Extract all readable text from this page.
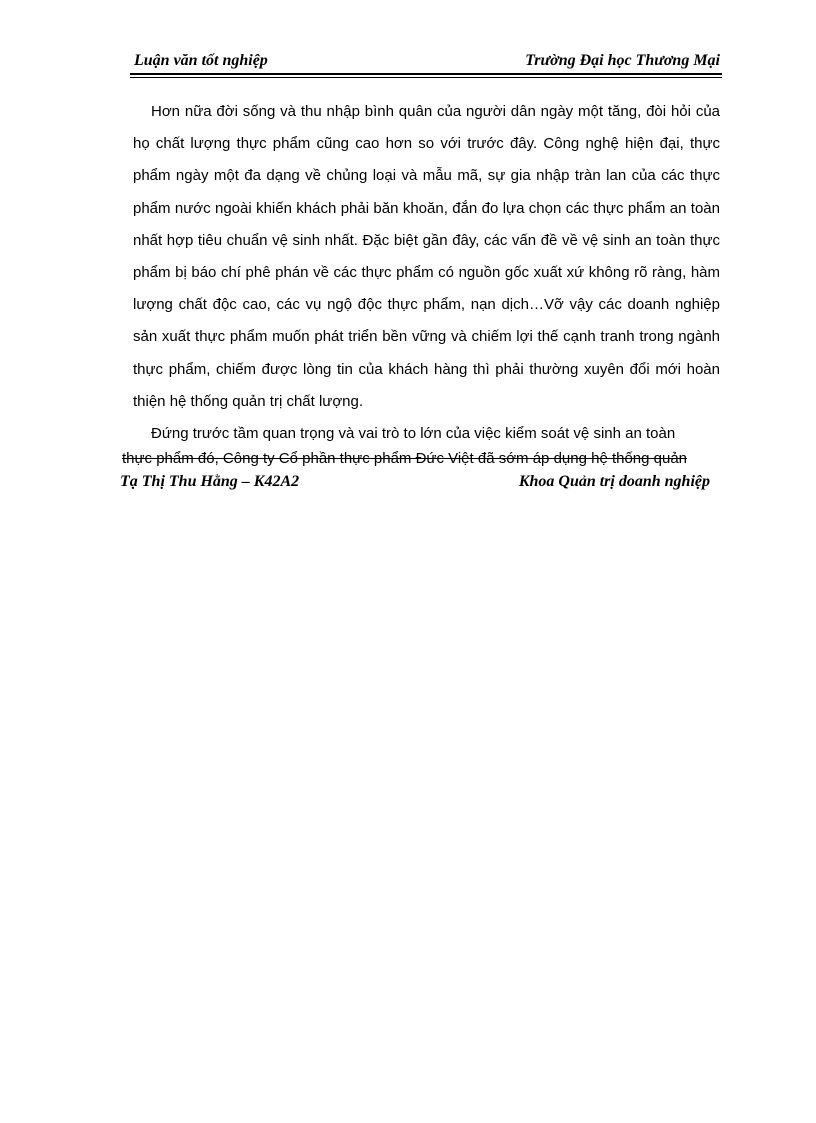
Luận văn tốt nghiệp	Trường Đại học Thương Mại

Hơn nữa đời sống và thu nhập bình quân của người dân ngày một tăng, đòi hỏi của họ chất lượng thực phẩm cũng cao hơn so với trước đây. Công nghệ hiện đại, thực phẩm ngày một đa dạng về chủng loại và mẫu mã, sự gia nhập tràn lan của các thực phẩm nước ngoài khiến khách phải băn khoăn, đắn đo lựa chọn các thực phẩm an toàn nhất hợp tiêu chuẩn vệ sinh nhất. Đặc biệt gần đây, các vấn đề về vệ sinh an toàn thực phẩm bị báo chí phê phán về các thực phẩm có nguồn gốc xuất xứ không rõ ràng, hàm lượng chất độc cao, các vụ ngộ độc thực phẩm, nạn dịch…Vỡ vậy các doanh nghiệp sản xuất thực phẩm muốn phát triển bền vững và chiếm lợi thế cạnh tranh trong ngành thực phẩm, chiếm được lòng tin của khách hàng thì phải thường xuyên đổi mới hoàn thiện hệ thống quản trị chất lượng.

Đứng trước tầm quan trọng và vai trò to lớn của việc kiểm soát vệ sinh an toàn

thực phẩm đó, Công ty Cổ phần thực phẩm Đức Việt đã sớm áp dụng hệ thống quản
Tạ Thị Thu Hằng – K42A2	Khoa Quản trị doanh nghiệp
